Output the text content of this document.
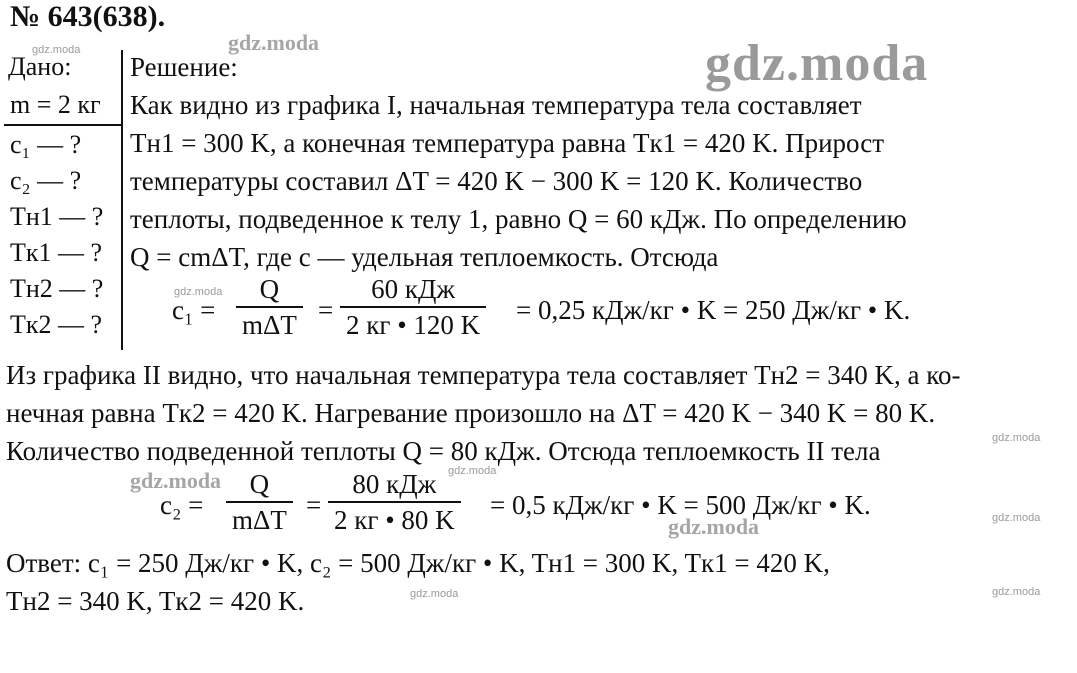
№ 643(638).
gdz.moda
gdz.moda
gdz.moda
gdz.moda
gdz.moda
gdz.moda
gdz.moda
gdz.moda
gdz.moda
gdz.moda
gdz.moda
Дано:
m = 2 кг
c₁ — ?
c₂ — ?
Tн1 — ?
Tк1 — ?
Tн2 — ?
Tк2 — ?
Решение:
Как видно из графика I, начальная температура тела составляет
Tн1 = 300 K, а конечная температура равна Tк1 = 420 K. Прирост
температуры составил ΔT = 420 K − 300 K = 120 K. Количество
теплоты, подведенное к телу 1, равно Q = 60 кДж. По определению
Q = cmΔT, где c — удельная теплоемкость. Отсюда
c₁ =
Q
mΔT =
60 кДж
2 кг • 120 K = 0,25 кДж/кг • K = 250 Дж/кг • K.
Из графика II видно, что начальная температура тела составляет Tн2 = 340 K, а ко-
нечная равна Tк2 = 420 K. Нагревание произошло на ΔT = 420 K − 340 K = 80 K.
Количество подведенной теплоты Q = 80 кДж. Отсюда теплоемкость II тела
c₂ =
Q
mΔT =
80 кДж
2 кг • 80 K = 0,5 кДж/кг • K = 500 Дж/кг • K.
Ответ: c₁ = 250 Дж/кг • K, c₂ = 500 Дж/кг • K, Tн1 = 300 K, Tк1 = 420 K,
Tн2 = 340 K, Tк2 = 420 K.
